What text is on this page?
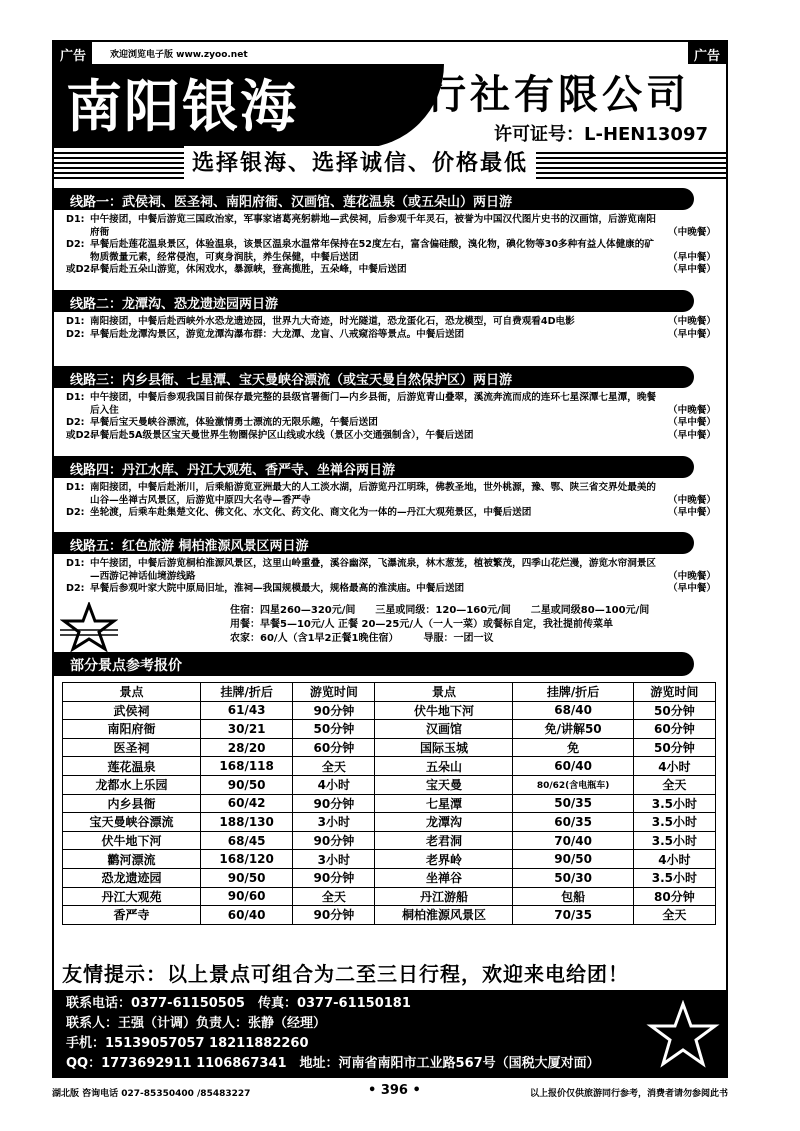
广告	欢迎浏览电子版 www.zyoo.net	广告
南阳银海 旅行社有限公司
许可证号：L-HEN13097
选择银海、选择诚信、价格最低
线路一：武侯祠、医圣祠、南阳府衙、汉画馆、莲花温泉（或五朵山）两日游
D1: 中午接团，中餐后游览三国政治家，军事家诸葛亮躬耕地—武侯祠，后参观千年灵石，被誉为中国汉代图片史书的汉画馆，后游览南阳府衙	（中晚餐）
D2: 早餐后赴莲花温泉景区，体验温泉，该景区温泉水温常年保持在52度左右，富含偏硅酸，溴化物，碘化物等30多种有益人体健康的矿物质微量元素，经常侵泡，可爽身润肤，养生保健，中餐后送团	（早中餐）
或D2:
早餐后赴五朵山游览，休闲戏水，暴源峡，登高揽胜，五朵峰，中餐后送团	（早中餐）
线路二：龙潭沟、恐龙遗迹园两日游
D1: 南阳接团，中餐后赴西峡外水恐龙遗迹园，世界九大奇迹，时光隧道，恐龙蛋化石，恐龙模型，可自费观看4D电影	（中晚餐）
D2: 早餐后赴龙潭沟景区，游览龙潭沟瀑布群：大龙潭、龙盲、八戒窥浴等景点。中餐后送团	（早中餐）
线路三：内乡县衙、七星潭、宝天曼峡谷漂流（或宝天曼自然保护区）两日游
D1: 中午接团，中餐后参观我国目前保存最完整的县级官署衙门—内乡县衙，后游览青山叠翠，溪流奔流而成的连环七星深潭七星潭，晚餐后入住	（中晚餐）
D2: 早餐后宝天曼峡谷漂流，体验激情勇士漂流的无限乐趣，午餐后送团	（早中餐）
或D2:
早餐后赴5A级景区宝天曼世界生物圈保护区山线或水线（景区小交通强制含），午餐后送团	（早中餐）
线路四：丹江水库、丹江大观苑、香严寺、坐禅谷两日游
D1: 南阳接团，中餐后赴淅川，后乘船游览亚洲最大的人工淡水湖，后游览丹江明珠，佛教圣地，世外桃源，豫、鄂、陕三省交界处最美的山谷—坐禅古风景区，后游览中原四大名寺—香严寺	（中晚餐）
D2: 坐轮渡，后乘车赴集楚文化、佛文化、水文化、药文化、商文化为一体的—丹江大观苑景区，中餐后送团	（早中餐）
线路五：红色旅游 桐柏淮源风景区两日游
D1: 中午接团，中餐后游览桐柏淮源风景区，这里山岭重叠，溪谷幽深，飞瀑流泉，林木葱茏，植被繁茂，四季山花烂漫，游览水帘洞景区—西游记神话仙境游线路	（中晚餐）
D2: 早餐后参观叶家大院中原局旧址，淮祠—我国规模最大，规格最高的淮渎庙。中餐后送团	（早中餐）
住宿：四星260—320元/间　　三星或同级：120—160元/间　　二星或同级80—100元/间
用餐：早餐5—10元/人 正餐 20—25元/人（一人一菜）或餐标自定，我社提前传菜单
农家：60/人（含1早2正餐1晚住宿）　　　导服：一团一议
部分景点参考报价
景点	挂牌/折后	游览时间	景点	挂牌/折后	游览时间
武侯祠	61/43	90分钟	伏牛地下河	68/40	50分钟
南阳府衙	30/21	50分钟	汉画馆	免/讲解50	60分钟
医圣祠	28/20	60分钟	国际玉城	免	50分钟
莲花温泉	168/118	全天	五朵山	60/40	4小时
龙都水上乐园	90/50	4小时	宝天曼	80/62(含电瓶车)	全天
内乡县衙	60/42	90分钟	七星潭	50/35	3.5小时
宝天曼峡谷漂流	188/130	3小时	龙潭沟	60/35	3.5小时
伏牛地下河	68/45	90分钟	老君洞	70/40	3.5小时
鹳河漂流	168/120	3小时	老界岭	90/50	4小时
恐龙遗迹园	90/50	90分钟	坐禅谷	50/30	3.5小时
丹江大观苑	90/60	全天	丹江游船	包船	80分钟
香严寺	60/40	90分钟	桐柏淮源风景区	70/35	全天
友情提示：以上景点可组合为二至三日行程，欢迎来电给团！
联系电话：0377-61150505　传真：0377-61150181
联系人：王强（计调）负责人：张静（经理）
手机：15139057057 18211882260
QQ：1773692911 1106867341　地址：河南省南阳市工业路567号（国税大厦对面）
湖北版 咨询电话 027-85350400 /85483227	• 396 •	以上报价仅供旅游同行参考，消费者请勿参阅此书
